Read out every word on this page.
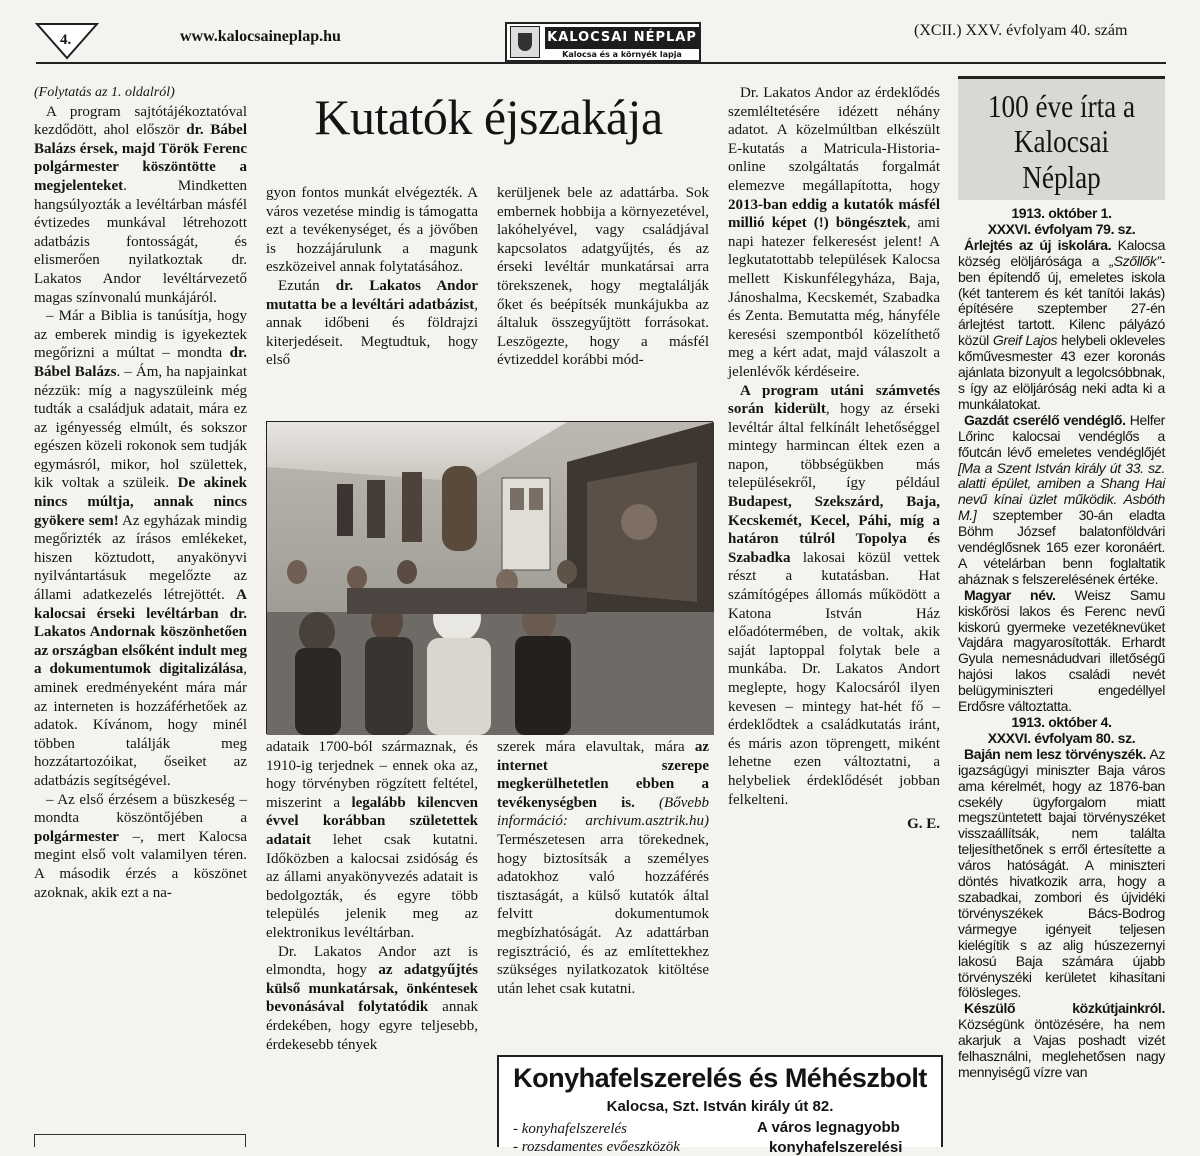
4.	www.kalocsaineplap.hu	KALOCSAI NÉPLAP
Kalocsa és a környék lapja
(XCII.) XXV. évfolyam 40. szám
Kutatók éjszakája

(Folytatás az 1. oldalról)

A program sajtótájékoztatóval kezdődött, ahol először dr. Bábel Balázs érsek, majd Török Ferenc polgármester köszöntötte a megjelenteket. Mindketten hangsúlyozták a levéltárban másfél évtizedes munkával létrehozott adatbázis fontosságát, és elismerően nyilatkoztak dr. Lakatos Andor levéltárvezető magas színvonalú munkájáról.

– Már a Biblia is tanúsítja, hogy az emberek mindig is igyekeztek megőrizni a múltat – mondta dr. Bábel Balázs. – Ám, ha napjainkat nézzük: míg a nagyszüleink még tudták a családjuk adatait, mára ez az igényesség elmúlt, és sokszor egészen közeli rokonok sem tudják egymásról, mikor, hol születtek, kik voltak a szüleik. De akinek nincs múltja, annak nincs gyökere sem! Az egyházak mindig megőrizték az írásos emlékeket, hiszen köztudott, anyakönyvi nyilvántartásuk megelőzte az állami adatkezelés létrejöttét. A kalocsai érseki levéltárban dr. Lakatos Andornak köszönhetően az országban elsőként indult meg a dokumentumok digitalizálása, aminek eredményeként mára már az interneten is hozzáférhetőek az adatok. Kívánom, hogy minél többen találják meg hozzátartozóikat, őseiket az adatbázis segítségével.

– Az első érzésem a büszkeség – mondta köszöntőjében a polgármester –, mert Kalocsa megint első volt valamilyen téren. A második érzés a köszönet azoknak, akik ezt a na-

gyon fontos munkát elvégezték. A város vezetése mindig is támogatta ezt a tevékenységet, és a jövőben is hozzájárulunk a magunk eszközeivel annak folytatásához.

Ezután dr. Lakatos Andor mutatta be a levéltári adatbázist, annak időbeni és földrajzi kiterjedéseit. Megtudtuk, hogy első

kerüljenek bele az adattárba. Sok embernek hobbija a környezetével, lakóhelyével, vagy családjával kapcsolatos adatgyűjtés, és az érseki levéltár munkatársai arra törekszenek, hogy megtalálják őket és beépítsék munkájukba az általuk összegyűjtött forrásokat. Leszögezte, hogy a másfél évtizeddel korábbi mód-

Dr. Lakatos Andor az érdeklődés szemléltetésére idézett néhány adatot. A közelmúltban elkészült E-kutatás a Matricula-Historia-online szolgáltatás forgalmát elemezve megállapította, hogy 2013-ban eddig a kutatók másfél millió képet (!) böngésztek, ami napi hatezer felkeresést jelent! A legkutatottabb települések Kalocsa mellett Kiskunfélegyháza, Baja, Jánoshalma, Kecskemét, Szabadka és Zenta. Bemutatta még, hányféle keresési szempontból közelíthető meg a kért adat, majd válaszolt a jelenlévők kérdéseire.

A program utáni számvetés során kiderült, hogy az érseki levéltár által felkínált lehetőséggel mintegy harmincan éltek ezen a napon, többségükben más településekről, így például Budapest, Szekszárd, Baja, Kecskemét, Kecel, Páhi, míg a határon túlról Topolya és Szabadka lakosai közül vettek részt a kutatásban. Hat számítógépes állomás működött a Katona István Ház előadótermében, de voltak, akik saját laptoppal folytak bele a munkába. Dr. Lakatos Andort meglepte, hogy Kalocsáról ilyen kevesen – mintegy hat-hét fő – érdeklődtek a családkutatás iránt, és máris azon töprengett, miként lehetne ezen változtatni, a helybeliek érdeklődését jobban felkelteni.

G. E.

adataik 1700-ból származnak, és 1910-ig terjednek – ennek oka az, hogy törvényben rögzített feltétel, miszerint a legalább kilencven évvel korábban születettek adatait lehet csak kutatni. Időközben a kalocsai zsidóság és az állami anyakönyvezés adatait is bedolgozták, és egyre több település jelenik meg az elektronikus levéltárban.

Dr. Lakatos Andor azt is elmondta, hogy az adatgyűjtés külső munkatársak, önkéntesek bevonásával folytatódik annak érdekében, hogy egyre teljesebb, érdekesebb tények

szerek mára elavultak, mára az internet szerepe megkerülhetetlen ebben a tevékenységben is. (Bővebb információ: archivum.asztrik.hu) Természetesen arra törekednek, hogy biztosítsák a személyes adatokhoz való hozzáférés tisztaságát, a külső kutatók által felvitt dokumentumok megbízhatóságát. Az adattárban regisztráció, és az említettekhez szükséges nyilatkozatok kitöltése után lehet csak kutatni.

Konyhafelszerelés és Méhészbolt
Kalocsa, Szt. István király út 82.
- konyhafelszerelés
- rozsdamentes evőeszközök
A város legnagyobb
konyhafelszerelési
100 éve írta a
Kalocsai
Néplap
1913. október 1.
XXXVI. évfolyam 79. sz.

Árlejtés az új iskolára. Kalocsa község elöljárósága a „Szőllők”-ben építendő új, emeletes iskola (két tanterem és két tanítói lakás) építésére szeptember 27-én árlejtést tartott. Kilenc pályázó közül Greif Lajos helybeli okleveles kőművesmester 43 ezer koronás ajánlata bizonyult a legolcsóbbnak, s így az elöljáróság neki adta ki a munkálatokat.

Gazdát cserélő vendéglő. Helfer Lőrinc kalocsai vendéglős a főutcán lévő emeletes vendéglőjét [Ma a Szent István király út 33. sz. alatti épület, amiben a Shang Hai nevű kínai üzlet működik. Asbóth M.] szeptember 30-án eladta Böhm József balatonföldvári vendéglősnek 165 ezer koronáért. A vételárban benn foglaltatik aháznak s felszerelésének értéke.

Magyar név. Weisz Samu kiskőrösi lakos és Ferenc nevű kiskorú gyermeke vezetéknevüket Vajdára magyarosították. Erhardt Gyula nemesnádudvari illetőségű hajósi lakos családi nevét belügyminiszteri engedéllyel Erdősre változtatta.

1913. október 4.
XXXVI. évfolyam 80. sz.

Baján nem lesz törvényszék. Az igazságügyi miniszter Baja város ama kérelmét, hogy az 1876-ban csekély ügyforgalom miatt megszüntetett bajai törvényszéket visszaállítsák, nem találta teljesíthetőnek s erről értesítette a város hatóságát. A miniszteri döntés hivatkozik arra, hogy a szabadkai, zombori és újvidéki törvényszékek Bács-Bodrog vármegye igényeit teljesen kielégítik s az alig húszezernyi lakosú Baja számára újabb törvényszéki kerületet kihasítani fölösleges.

Készülő közkútjainkról. Községünk öntözésére, ha nem akarjuk a Vajas poshadt vizét felhasználni, meglehetősen nagy mennyiségű vízre van
